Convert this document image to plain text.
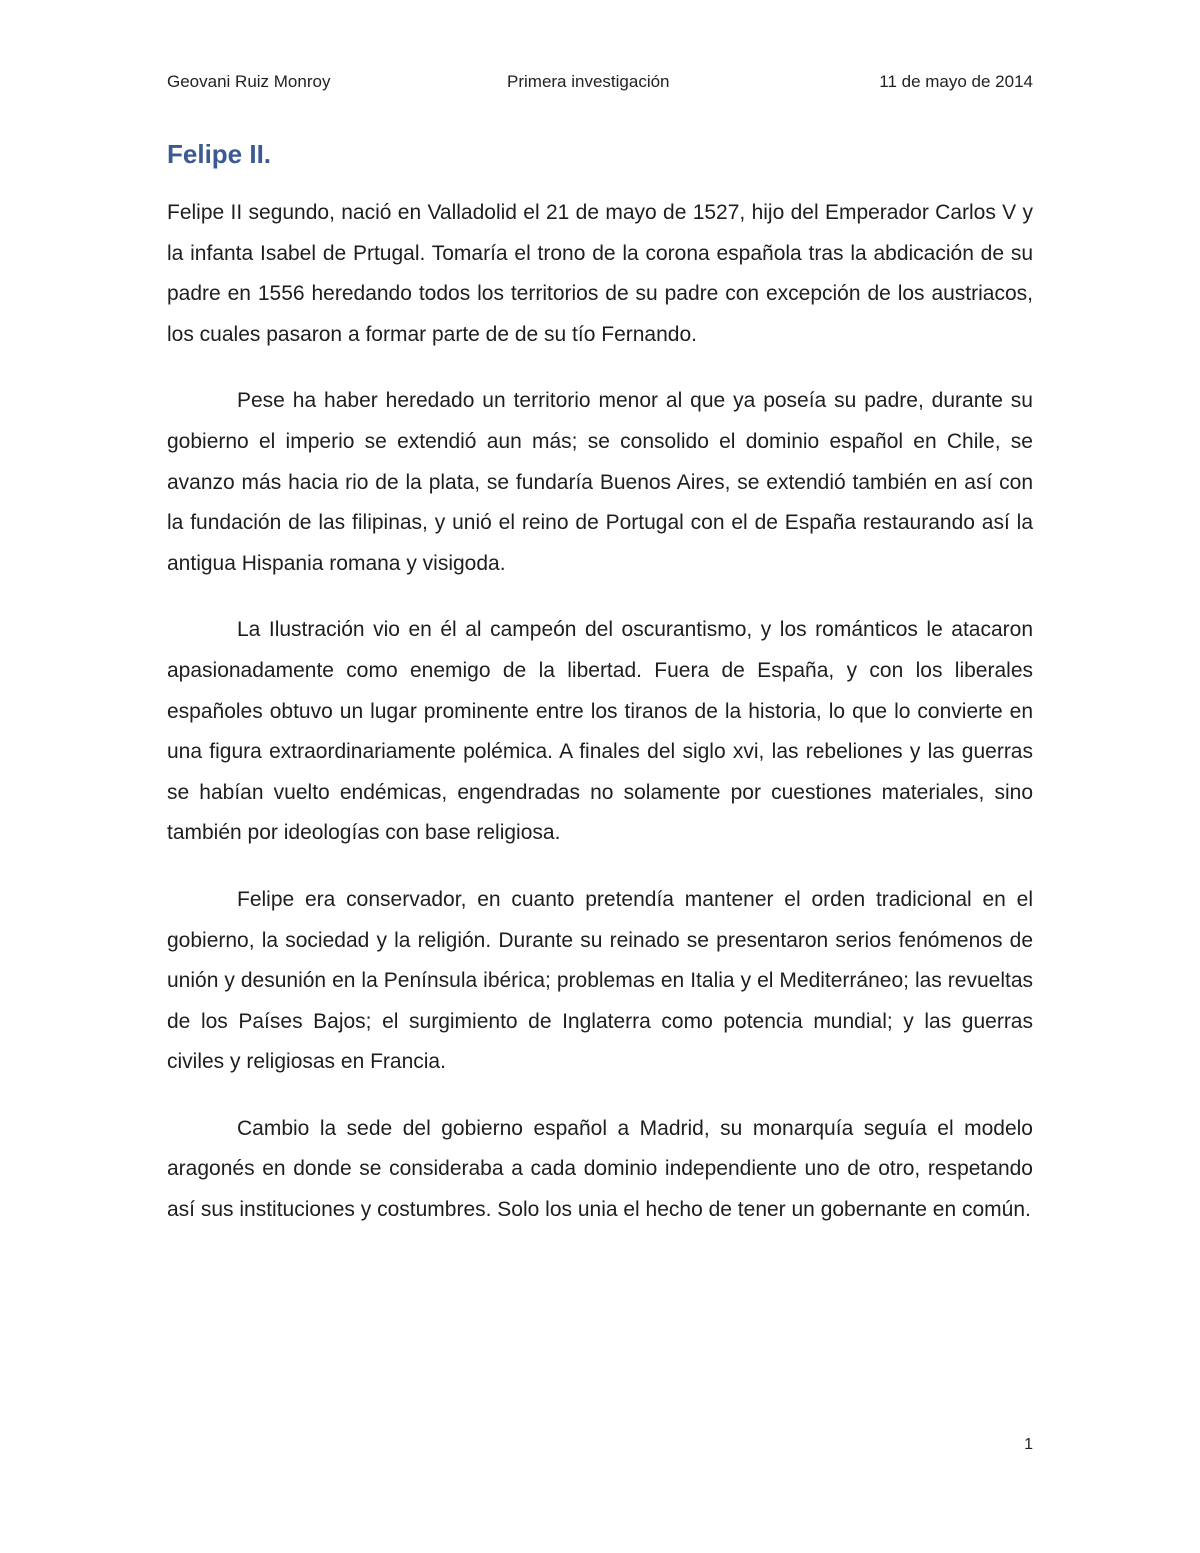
Geovani Ruiz Monroy	Primera investigación	11 de mayo de 2014
Felipe II.

Felipe II segundo, nació en Valladolid el 21 de mayo de 1527, hijo del Emperador Carlos V y la infanta Isabel de Prtugal. Tomaría el trono de la corona española tras la abdicación de su padre en 1556 heredando todos los territorios de su padre con excepción de los austriacos, los cuales pasaron a formar parte de de su tío Fernando.

Pese ha haber heredado un territorio menor al que ya poseía su padre, durante su gobierno el imperio se extendió aun más; se consolido el dominio español en Chile, se avanzo más hacia rio de la plata, se fundaría Buenos Aires, se extendió también en así con la fundación de las filipinas, y unió el reino de Portugal con el de España restaurando así la antigua Hispania romana y visigoda.

La Ilustración vio en él al campeón del oscurantismo, y los románticos le atacaron apasionadamente como enemigo de la libertad. Fuera de España, y con los liberales españoles obtuvo un lugar prominente entre los tiranos de la historia, lo que lo convierte en una figura extraordinariamente polémica. A finales del siglo xvi, las rebeliones y las guerras se habían vuelto endémicas, engendradas no solamente por cuestiones materiales, sino también por ideologías con base religiosa.

Felipe era conservador, en cuanto pretendía mantener el orden tradicional en el gobierno, la sociedad y la religión. Durante su reinado se presentaron serios fenómenos de unión y desunión en la Península ibérica; problemas en Italia y el Mediterráneo; las revueltas de los Países Bajos; el surgimiento de Inglaterra como potencia mundial; y las guerras civiles y religiosas en Francia.

Cambio la sede del gobierno español a Madrid, su monarquía seguía el modelo aragonés en donde se consideraba a cada dominio independiente uno de otro, respetando así sus instituciones y costumbres. Solo los unia el hecho de tener un gobernante en común.

1
